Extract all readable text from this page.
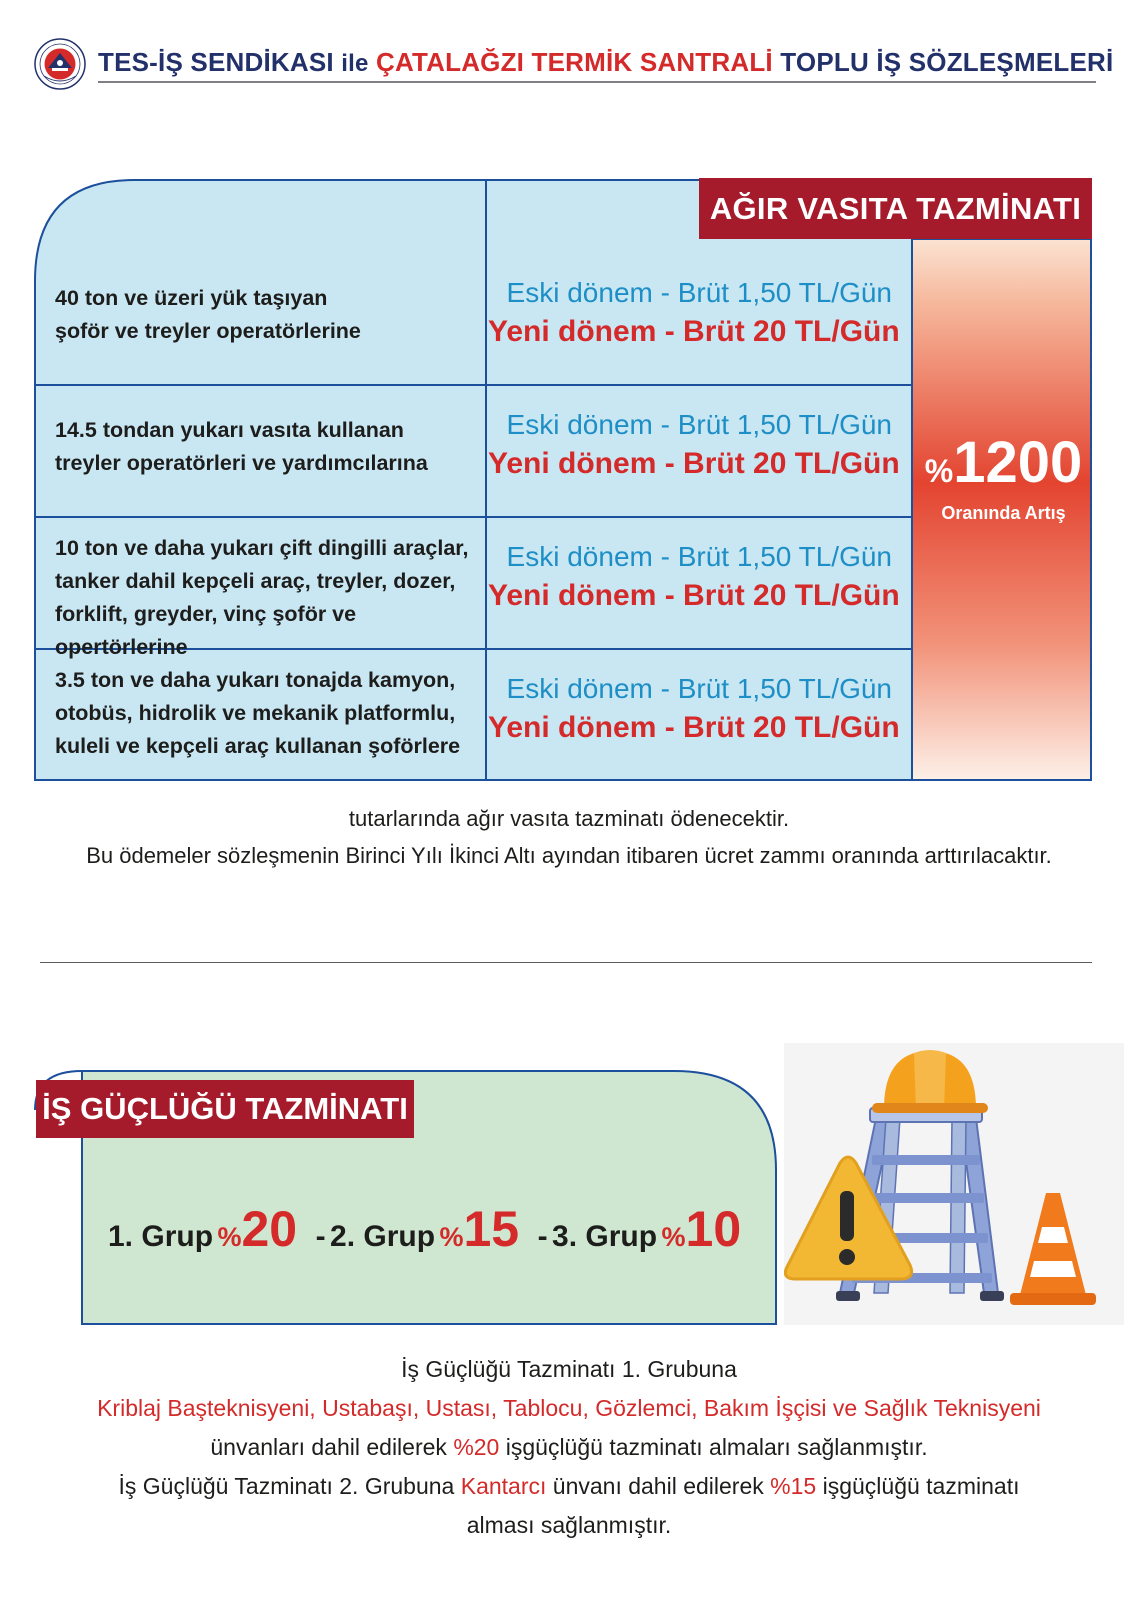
TES-İŞ SENDİKASI ile ÇATALAĞZI TERMİK SANTRALİ TOPLU İŞ SÖZLEŞMELERİ
AĞIR VASITA TAZMİNATI
%1200
Oranında Artış
40 ton ve üzeri yük taşıyan
şoför ve treyler operatörlerine
Eski dönem - Brüt 1,50 TL/Gün
Yeni dönem - Brüt 20 TL/Gün
14.5 tondan yukarı vasıta kullanan
treyler operatörleri ve yardımcılarına
Eski dönem - Brüt 1,50 TL/Gün
Yeni dönem - Brüt 20 TL/Gün
10 ton ve daha yukarı çift dingilli araçlar,
tanker dahil kepçeli araç, treyler, dozer,
forklift, greyder, vinç şoför ve opertörlerine
Eski dönem - Brüt 1,50 TL/Gün
Yeni dönem - Brüt 20 TL/Gün
3.5 ton ve daha yukarı tonajda kamyon,
otobüs, hidrolik ve mekanik platformlu,
kuleli ve kepçeli araç kullanan şoförlere
Eski dönem - Brüt 1,50 TL/Gün
Yeni dönem - Brüt 20 TL/Gün
tutarlarında ağır vasıta tazminatı ödenecektir.
Bu ödemeler sözleşmenin Birinci Yılı İkinci Altı ayından itibaren ücret zammı oranında arttırılacaktır.
İŞ GÜÇLÜĞÜ TAZMİNATI
1. Grup %20 - 2. Grup %15 - 3. Grup %10
İş Güçlüğü Tazminatı 1. Grubuna
Kriblaj Başteknisyeni, Ustabaşı, Ustası, Tablocu, Gözlemci, Bakım İşçisi ve Sağlık Teknisyeni
ünvanları dahil edilerek %20 işgüçlüğü tazminatı almaları sağlanmıştır.
İş Güçlüğü Tazminatı 2. Grubuna Kantarcı ünvanı dahil edilerek %15 işgüçlüğü tazminatı
alması sağlanmıştır.
